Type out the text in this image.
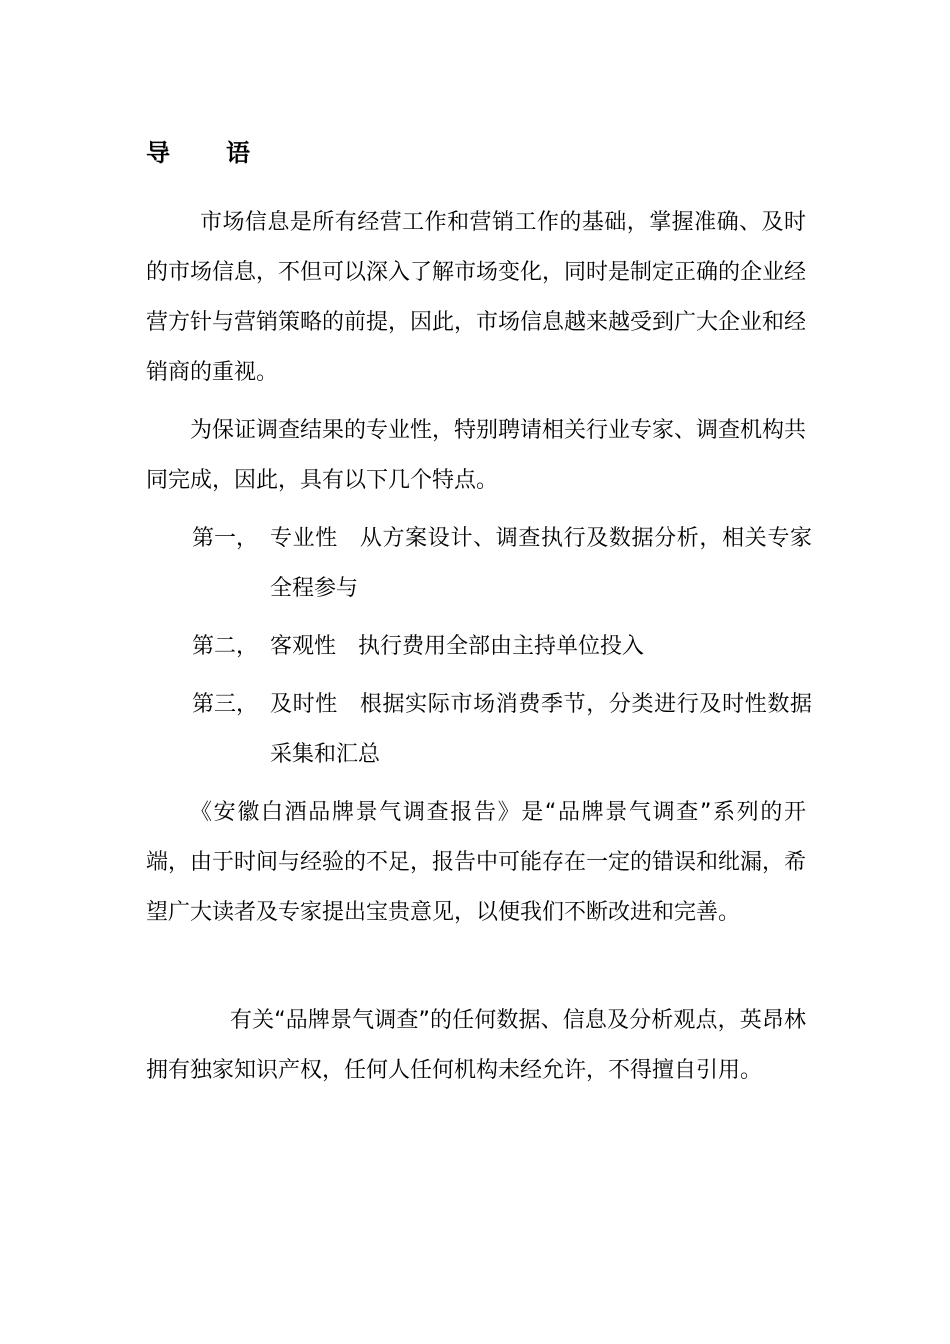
导　语

市场信息是所有经营工作和营销工作的基础，掌握准确、及时的市场信息，不但可以深入了解市场变化，同时是制定正确的企业经营方针与营销策略的前提，因此，市场信息越来越受到广大企业和经销商的重视。

为保证调查结果的专业性，特别聘请相关行业专家、调查机构共同完成，因此，具有以下几个特点。

第一， 专业性 从方案设计、调查执行及数据分析，相关专家全程参与
第二， 客观性 执行费用全部由主持单位投入
第三， 及时性 根据实际市场消费季节，分类进行及时性数据采集和汇总

《安徽白酒品牌景气调查报告》是“品牌景气调查”系列的开端，由于时间与经验的不足，报告中可能存在一定的错误和纰漏，希望广大读者及专家提出宝贵意见，以便我们不断改进和完善。

有关“品牌景气调查”的任何数据、信息及分析观点，英昂林拥有独家知识产权，任何人任何机构未经允许，不得擅自引用。
